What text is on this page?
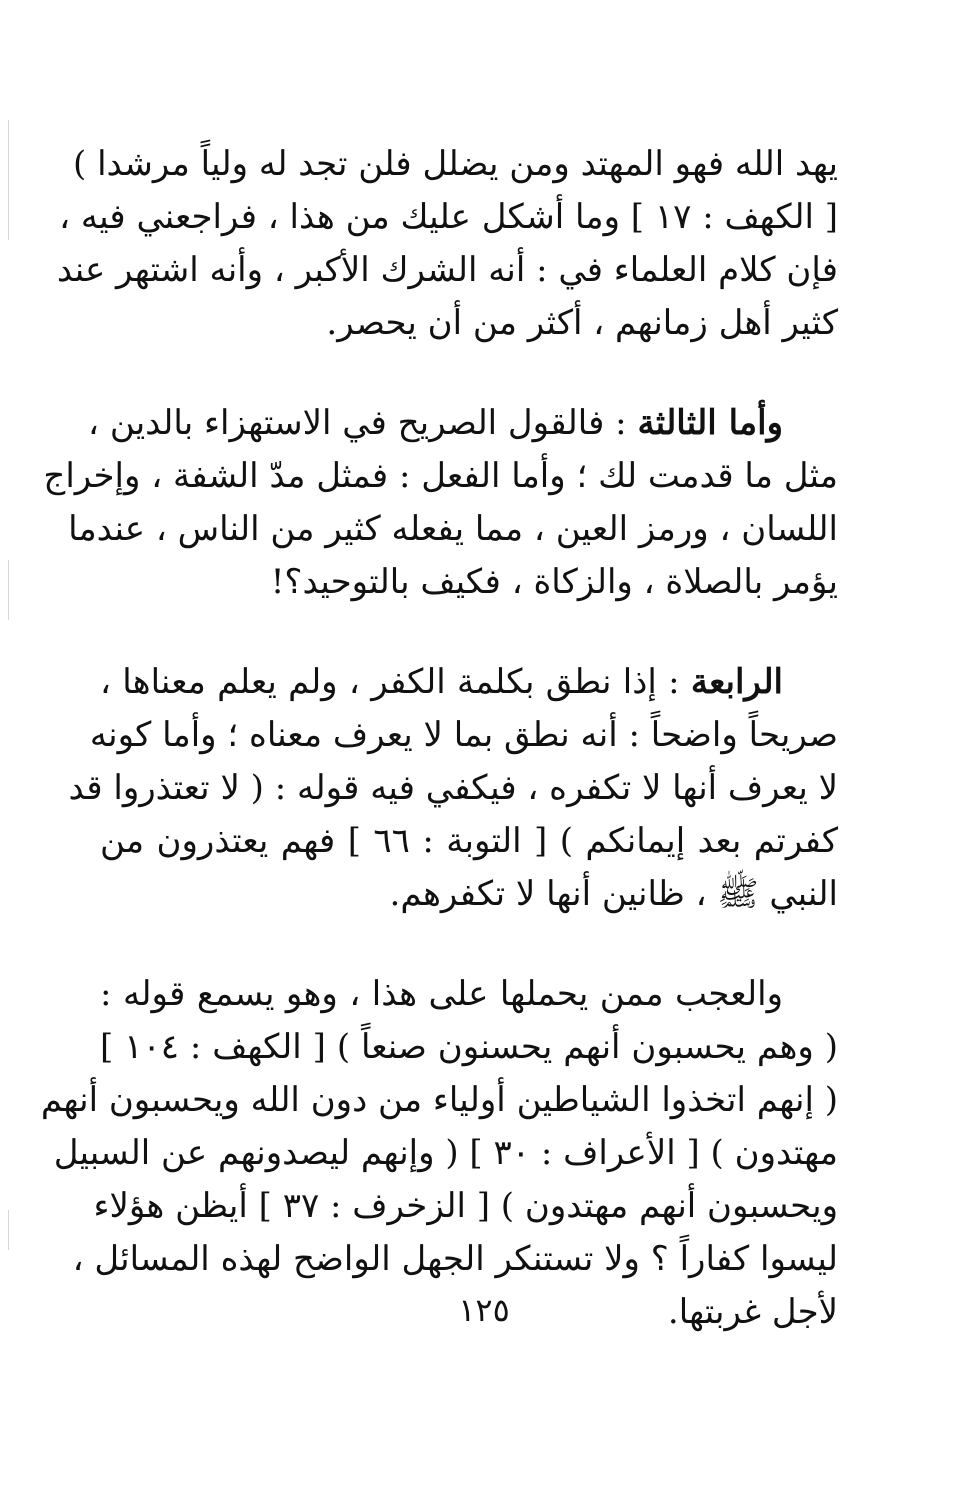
يهد الله فهو المهتد ومن يضلل فلن تجد له ولياً مرشدا )
[ الكهف : ١٧ ] وما أشكل عليك من هذا ، فراجعني فيه ،
فإن كلام العلماء في : أنه الشرك الأكبر ، وأنه اشتهر عند
كثير أهل زمانهم ، أكثر من أن يحصر.
وأما الثالثة : فالقول الصريح في الاستهزاء بالدين ،
مثل ما قدمت لك ؛ وأما الفعل : فمثل مدّ الشفة ، وإخراج
اللسان ، ورمز العين ، مما يفعله كثير من الناس ، عندما
يؤمر بالصلاة ، والزكاة ، فكيف بالتوحيد؟!
الرابعة : إذا نطق بكلمة الكفر ، ولم يعلم معناها ،
صريحاً واضحاً : أنه نطق بما لا يعرف معناه ؛ وأما كونه
لا يعرف أنها لا تكفره ، فيكفي فيه قوله : ( لا تعتذروا قد
كفرتم بعد إيمانكم ) [ التوبة : ٦٦ ] فهم يعتذرون من
النبي ﷺ ، ظانين أنها لا تكفرهم.
والعجب ممن يحملها على هذا ، وهو يسمع قوله :
( وهم يحسبون أنهم يحسنون صنعاً ) [ الكهف : ١٠٤ ]
( إنهم اتخذوا الشياطين أولياء من دون الله ويحسبون أنهم
مهتدون ) [ الأعراف : ٣٠ ] ( وإنهم ليصدونهم عن السبيل
ويحسبون أنهم مهتدون ) [ الزخرف : ٣٧ ] أيظن هؤلاء
ليسوا كفاراً ؟ ولا تستنكر الجهل الواضح لهذه المسائل ،
لأجل غربتها.
١٢٥
